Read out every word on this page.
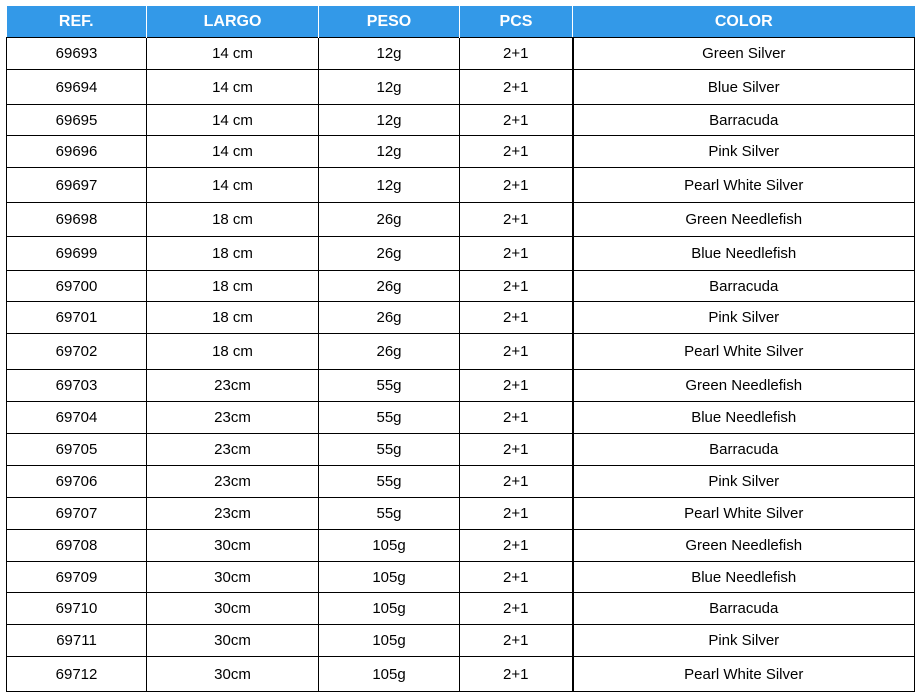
REF.	LARGO	PESO	PCS	COLOR
69693	14 cm	12g	2+1	Green Silver
69694	14 cm	12g	2+1	Blue Silver
69695	14 cm	12g	2+1	Barracuda
69696	14 cm	12g	2+1	Pink Silver
69697	14 cm	12g	2+1	Pearl White Silver
69698	18 cm	26g	2+1	Green Needlefish
69699	18 cm	26g	2+1	Blue Needlefish
69700	18 cm	26g	2+1	Barracuda
69701	18 cm	26g	2+1	Pink Silver
69702	18 cm	26g	2+1	Pearl White Silver
69703	23cm	55g	2+1	Green Needlefish
69704	23cm	55g	2+1	Blue Needlefish
69705	23cm	55g	2+1	Barracuda
69706	23cm	55g	2+1	Pink Silver
69707	23cm	55g	2+1	Pearl White Silver
69708	30cm	105g	2+1	Green Needlefish
69709	30cm	105g	2+1	Blue Needlefish
69710	30cm	105g	2+1	Barracuda
69711	30cm	105g	2+1	Pink Silver
69712	30cm	105g	2+1	Pearl White Silver
